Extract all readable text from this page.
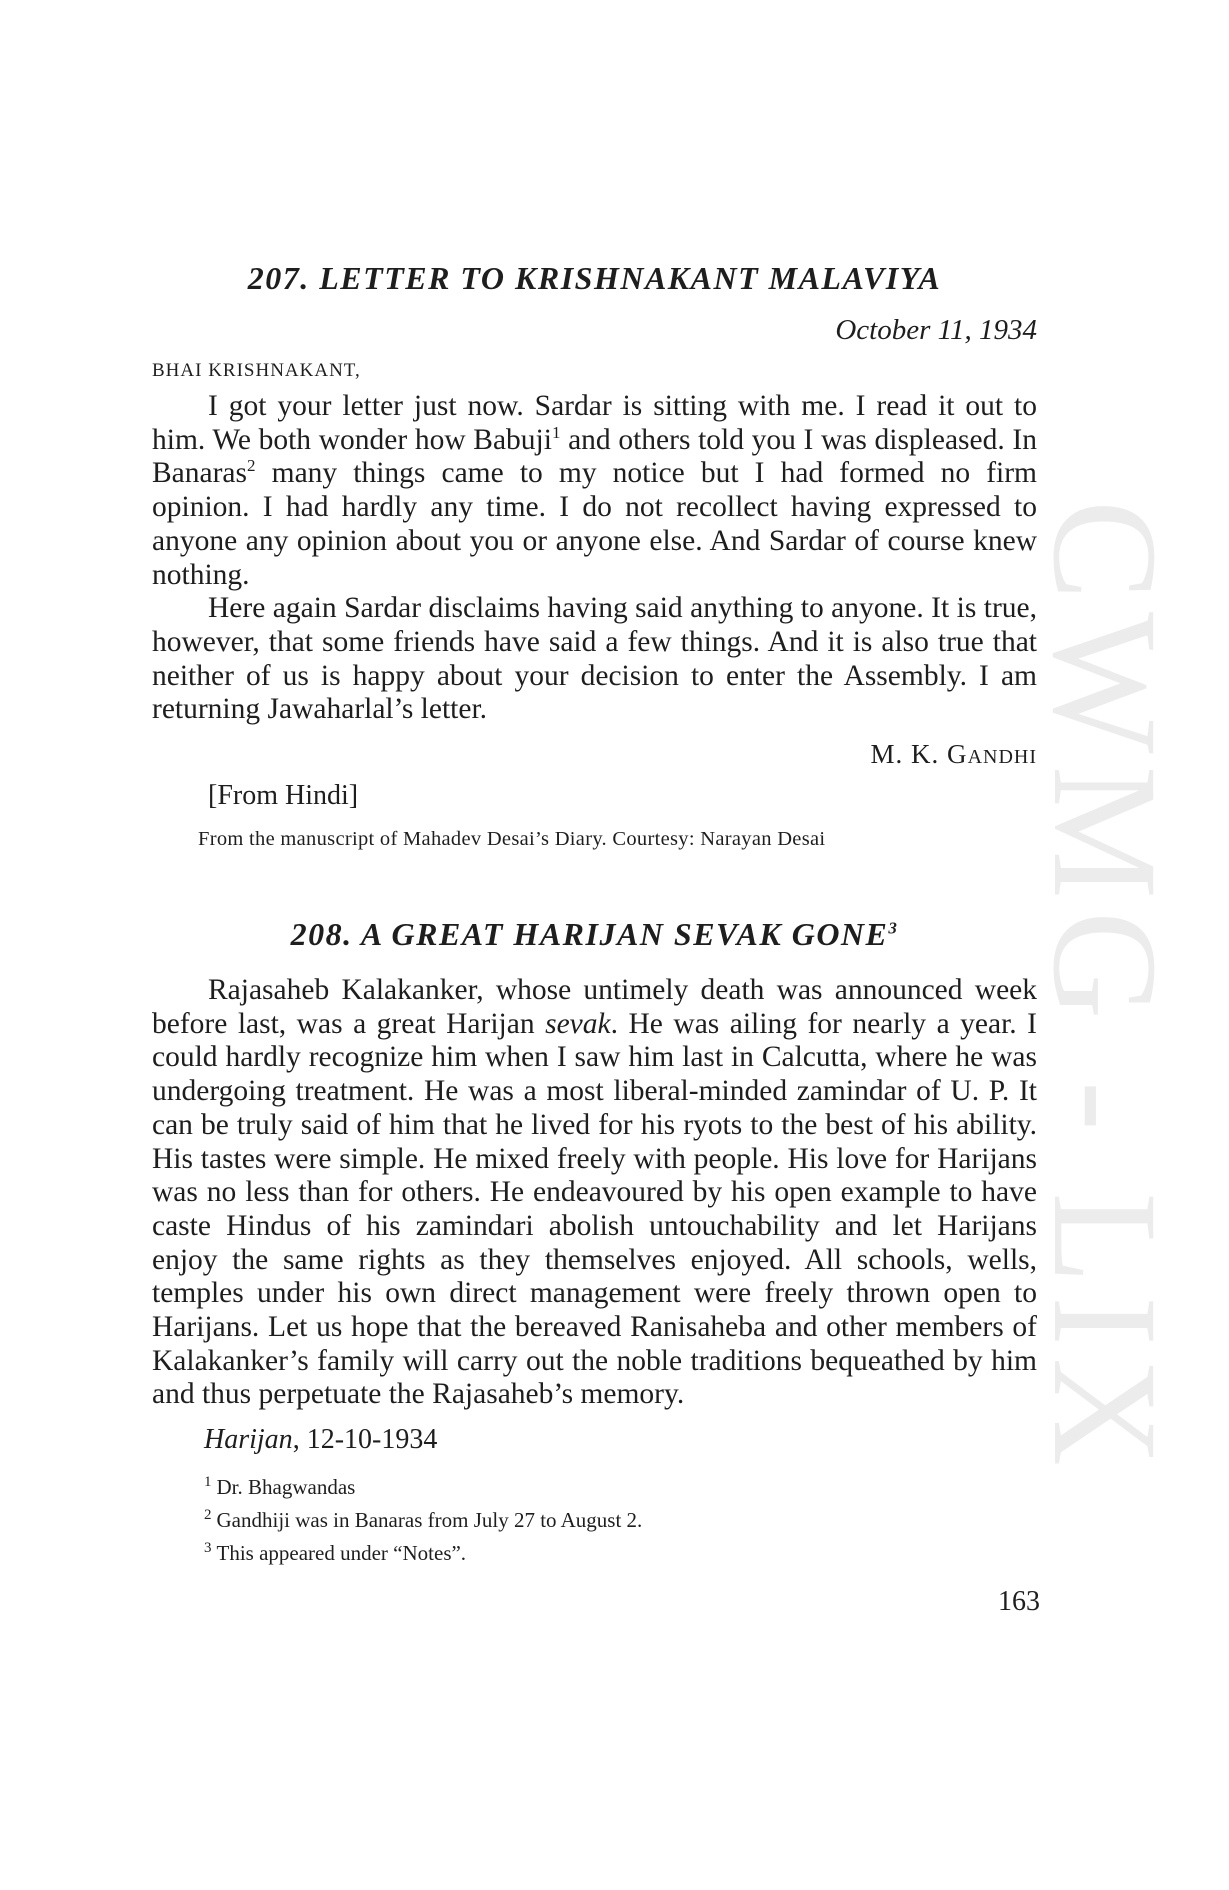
CWMG - LIX
207. LETTER TO KRISHNAKANT MALAVIYA

October 11, 1934

BHAI KRISHNAKANT,

I got your letter just now. Sardar is sitting with me. I read it out to him. We both wonder how Babuji$^1$ and others told you I was displeased. In Banaras$^2$ many things came to my notice but I had formed no firm opinion. I had hardly any time. I do not recollect having expressed to anyone any opinion about you or anyone else. And Sardar of course knew nothing.

Here again Sardar disclaims having said anything to anyone. It is true, however, that some friends have said a few things. And it is also true that neither of us is happy about your decision to enter the Assembly. I am returning Jawaharlal’s letter.

M. K. GANDHI

[From Hindi]

From the manuscript of Mahadev Desai’s Diary. Courtesy: Narayan Desai

208. A GREAT HARIJAN SEVAK GONE$^3$

Rajasaheb Kalakanker, whose untimely death was announced week before last, was a great Harijan sevak. He was ailing for nearly a year. I could hardly recognize him when I saw him last in Calcutta, where he was undergoing treatment. He was a most liberal-minded zamindar of U. P. It can be truly said of him that he lived for his ryots to the best of his ability. His tastes were simple. He mixed freely with people. His love for Harijans was no less than for others. He endeavoured by his open example to have caste Hindus of his zamindari abolish untouchability and let Harijans enjoy the same rights as they themselves enjoyed. All schools, wells, temples under his own direct management were freely thrown open to Harijans. Let us hope that the bereaved Ranisaheba and other members of Kalakanker’s family will carry out the noble traditions bequeathed by him and thus perpetuate the Rajasaheb’s memory.

Harijan, 12-10-1934

$^1$ Dr. Bhagwandas
$^2$ Gandhiji was in Banaras from July 27 to August 2.
$^3$ This appeared under “Notes”.
163
